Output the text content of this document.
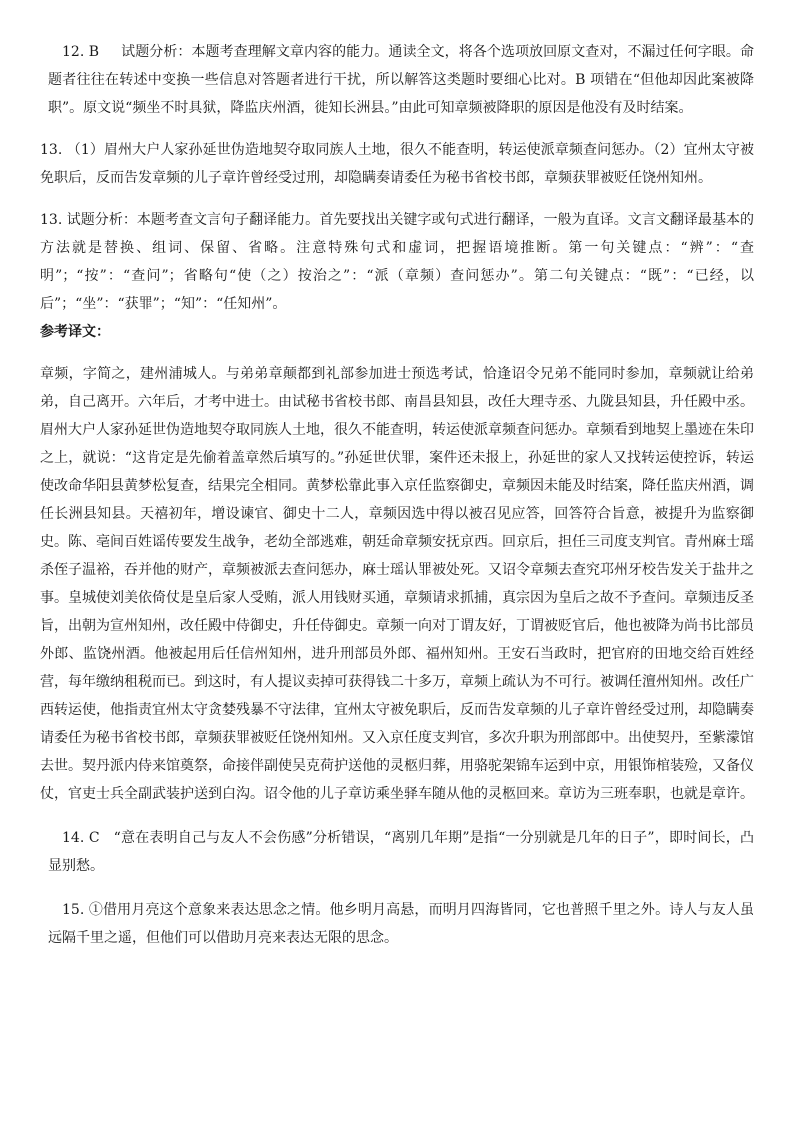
12. B 试题分析：本题考查理解文章内容的能力。通读全文，将各个选项放回原文查对，不漏过任何字眼。命题者往往在转述中变换一些信息对答题者进行干扰，所以解答这类题时要细心比对。B 项错在“但他却因此案被降职”。原文说“频坐不时具狱，降监庆州酒，徙知长洲县。”由此可知章频被降职的原因是他没有及时结案。

13. （1）眉州大户人家孙延世伪造地契夺取同族人土地，很久不能查明，转运使派章频查问惩办。（2）宜州太守被免职后，反而告发章频的儿子章许曾经受过刑，却隐瞒奏请委任为秘书省校书郎，章频获罪被贬任饶州知州。

13. 试题分析：本题考查文言句子翻译能力。首先要找出关键字或句式进行翻译，一般为直译。文言文翻译最基本的方法就是替换、组词、保留、省略。注意特殊句式和虚词，把握语境推断。第一句关键点：“辨”：“查明”；“按”：“查问”；省略句“使（之）按治之”：“派（章频）查问惩办”。第二句关键点：“既”：“已经，以后”；“坐”：“获罪”；“知”：“任知州”。

参考译文：

章频，字简之，建州浦城人。与弟弟章颠都到礼部参加进士预选考试，恰逢诏令兄弟不能同时参加，章频就让给弟弟，自己离开。六年后，才考中进士。由试秘书省校书郎、南昌县知县，改任大理寺丞、九陇县知县，升任殿中丞。眉州大户人家孙延世伪造地契夺取同族人土地，很久不能查明，转运使派章频查问惩办。章频看到地契上墨迹在朱印之上，就说：“这肯定是先偷着盖章然后填写的。”孙延世伏罪，案件还未报上，孙延世的家人又找转运使控诉，转运使改命华阳县黄梦松复查，结果完全相同。黄梦松靠此事入京任监察御史，章频因未能及时结案，降任监庆州酒，调任长洲县知县。天禧初年，增设谏官、御史十二人，章频因选中得以被召见应答，回答符合旨意，被提升为监察御史。陈、亳间百姓谣传要发生战争，老幼全部逃难，朝廷命章频安抚京西。回京后，担任三司度支判官。青州麻士瑶杀侄子温裕，吞并他的财产，章频被派去查问惩办，麻士瑶认罪被处死。又诏令章频去查究邛州牙校告发关于盐井之事。皇城使刘美依倚仗是皇后家人受贿，派人用钱财买通，章频请求抓捕，真宗因为皇后之故不予查问。章频违反圣旨，出朝为宣州知州，改任殿中侍御史，升任侍御史。章频一向对丁谓友好，丁谓被贬官后，他也被降为尚书比部员外郎、监饶州酒。他被起用后任信州知州，进升刑部员外郎、福州知州。王安石当政时，把官府的田地交给百姓经营，每年缴纳租税而已。到这时，有人提议卖掉可获得钱二十多万，章频上疏认为不可行。被调任澶州知州。改任广西转运使，他指责宜州太守贪婪残暴不守法律，宜州太守被免职后，反而告发章频的儿子章许曾经受过刑，却隐瞒奏请委任为秘书省校书郎，章频获罪被贬任饶州知州。又入京任度支判官，多次升职为刑部郎中。出使契丹，至紫濛馆去世。契丹派内侍来馆奠祭，命接伴副使吴克荷护送他的灵柩归葬，用骆驼架锦车运到中京，用银饰棺装殓，又备仪仗，官吏士兵全副武装护送到白沟。诏令他的儿子章访乘坐驿车随从他的灵柩回来。章访为三班奉职，也就是章许。

14. C “意在表明自己与友人不会伤感”分析错误，“离别几年期”是指“一分别就是几年的日子”，即时间长，凸显别愁。

15. ①借用月亮这个意象来表达思念之情。他乡明月高悬，而明月四海皆同，它也普照千里之外。诗人与友人虽远隔千里之遥，但他们可以借助月亮来表达无限的思念。
